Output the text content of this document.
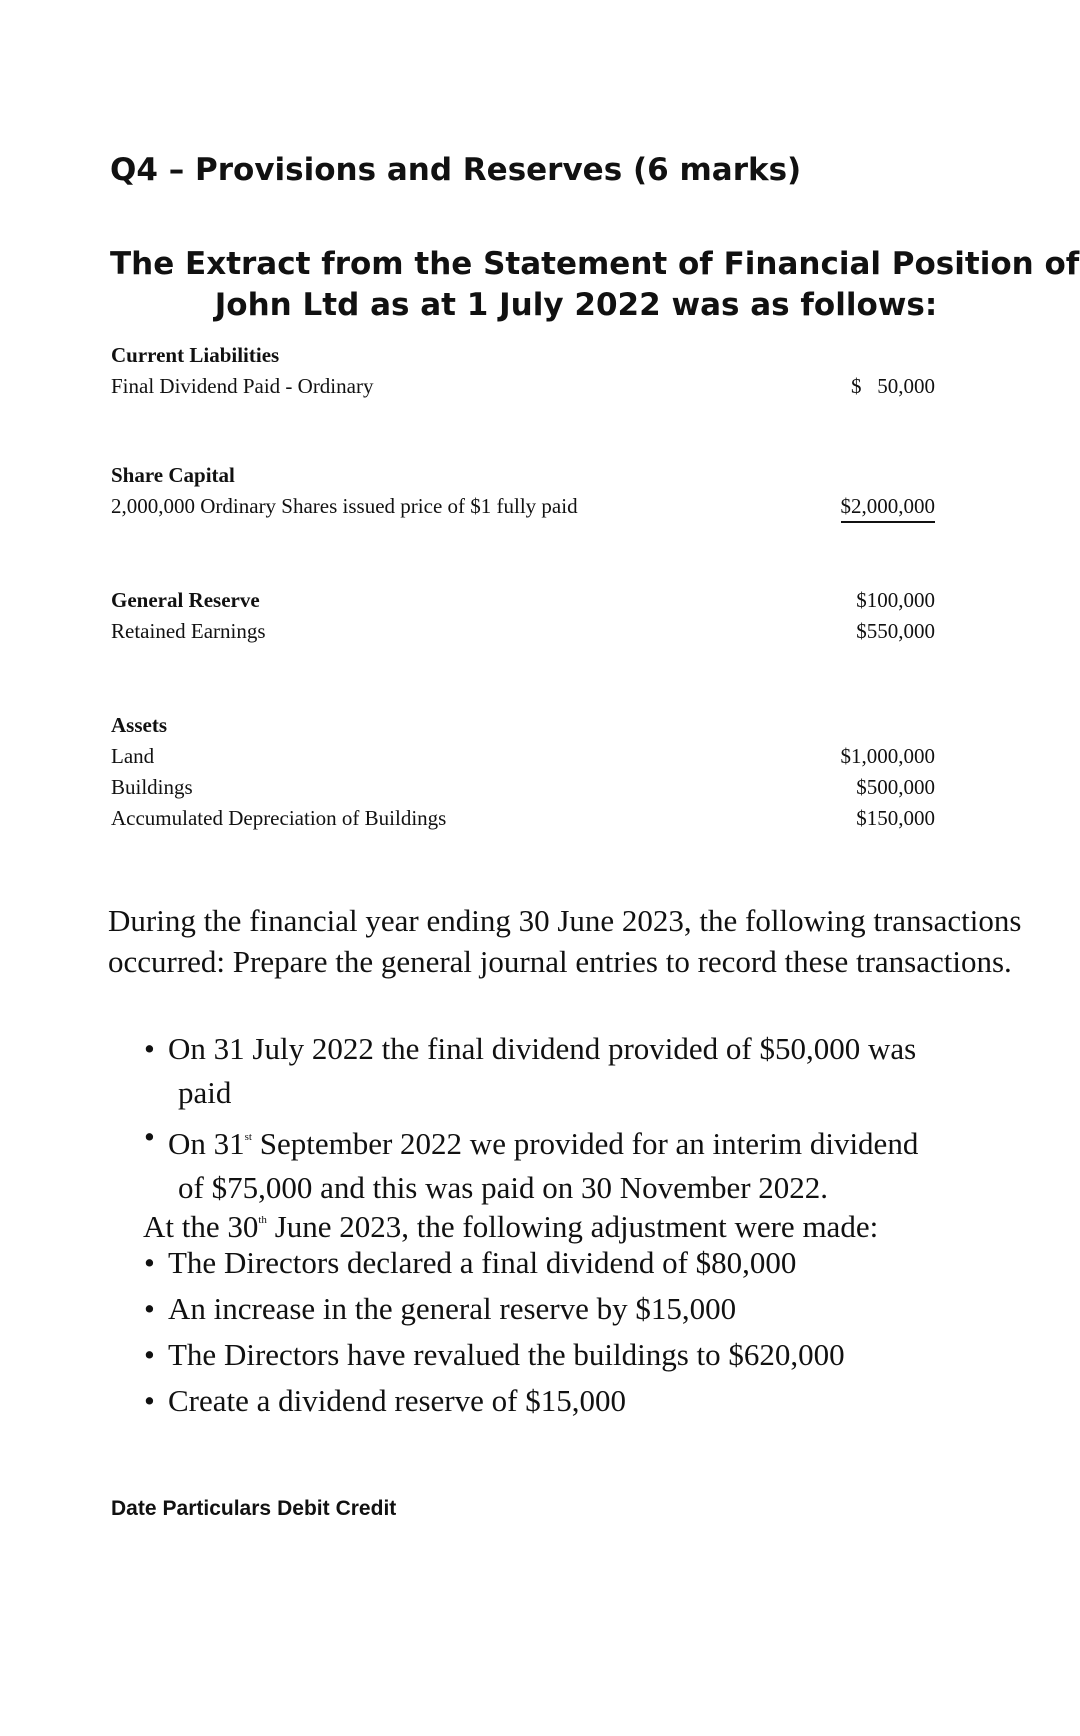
Q4 – Provisions and Reserves (6 marks)
The Extract from the Statement of Financial Position of
John Ltd as at 1 July 2022 was as follows:
Current Liabilities
Final Dividend Paid - Ordinary	$   50,000
Share Capital
2,000,000 Ordinary Shares issued price of $1 fully paid	$2,000,000
General Reserve	$100,000
Retained Earnings	$550,000
Assets
Land	$1,000,000
Buildings	$500,000
Accumulated Depreciation of Buildings	$150,000
During the financial year ending 30 June 2023, the following transactions occurred: Prepare the general journal entries to record these transactions.
• On 31 July 2022 the final dividend provided of $50,000 was
paid
• On 31st September 2022 we provided for an interim dividend
of $75,000 and this was paid on 30 November 2022.
At the 30th June 2023, the following adjustment were made:
• The Directors declared a final dividend of $80,000
• An increase in the general reserve by $15,000
• The Directors have revalued the buildings to $620,000
• Create a dividend reserve of $15,000
Date Particulars Debit Credit
